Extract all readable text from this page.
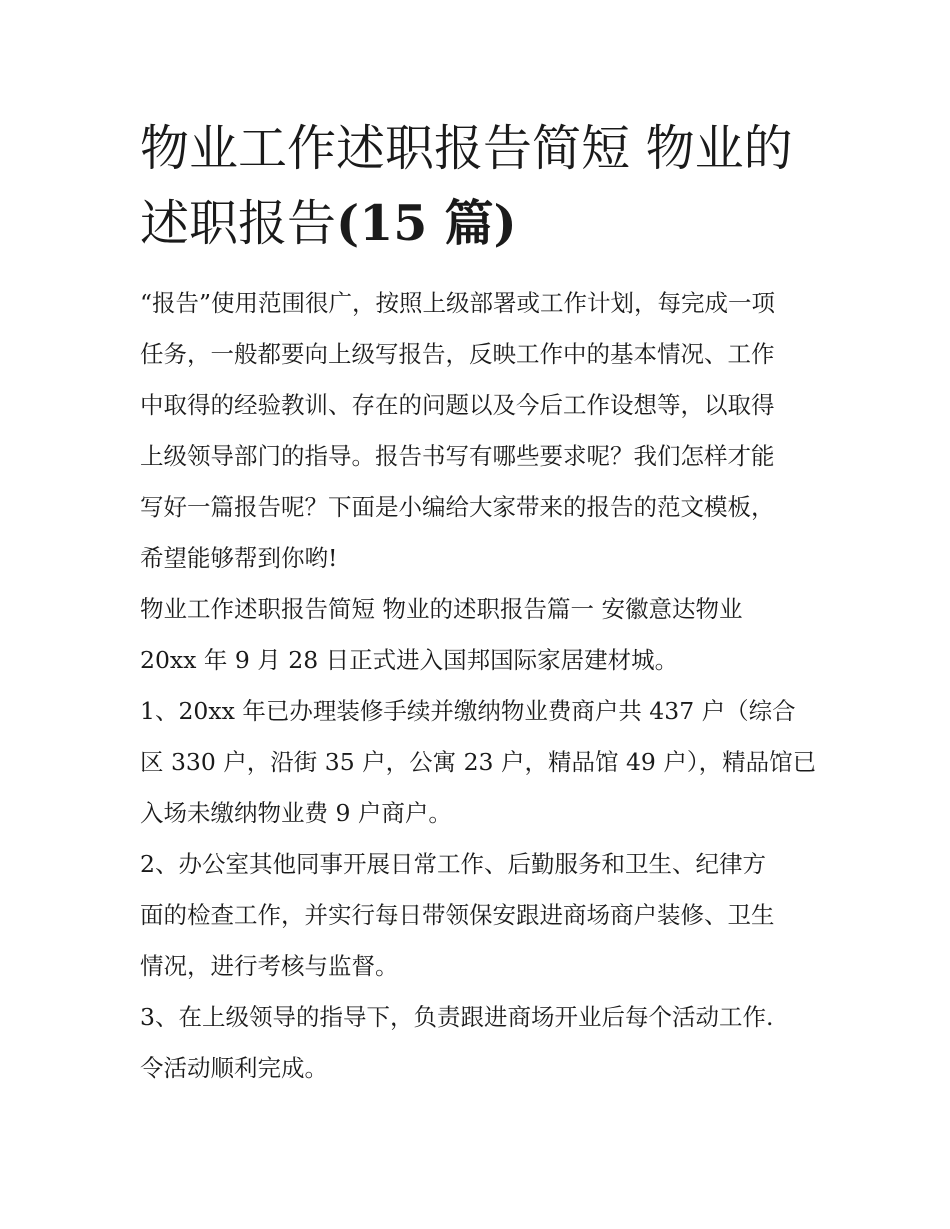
物业工作述职报告简短 物业的
述职报告(15 篇)
“报告”使用范围很广，按照上级部署或工作计划，每完成一项
任务，一般都要向上级写报告，反映工作中的基本情况、工作
中取得的经验教训、存在的问题以及今后工作设想等，以取得
上级领导部门的指导。报告书写有哪些要求呢？我们怎样才能
写好一篇报告呢？下面是小编给大家带来的报告的范文模板，
希望能够帮到你哟!
物业工作述职报告简短 物业的述职报告篇一 安徽意达物业
20xx 年 9 月 28 日正式进入国邦国际家居建材城。
1、20xx 年已办理装修手续并缴纳物业费商户共 437 户（综合
区 330 户，沿街 35 户，公寓 23 户，精品馆 49 户），精品馆已
入场未缴纳物业费 9 户商户。
2、办公室其他同事开展日常工作、后勤服务和卫生、纪律方
面的检查工作，并实行每日带领保安跟进商场商户装修、卫生
情况，进行考核与监督。
3、在上级领导的指导下，负责跟进商场开业后每个活动工作.
令活动顺利完成。
